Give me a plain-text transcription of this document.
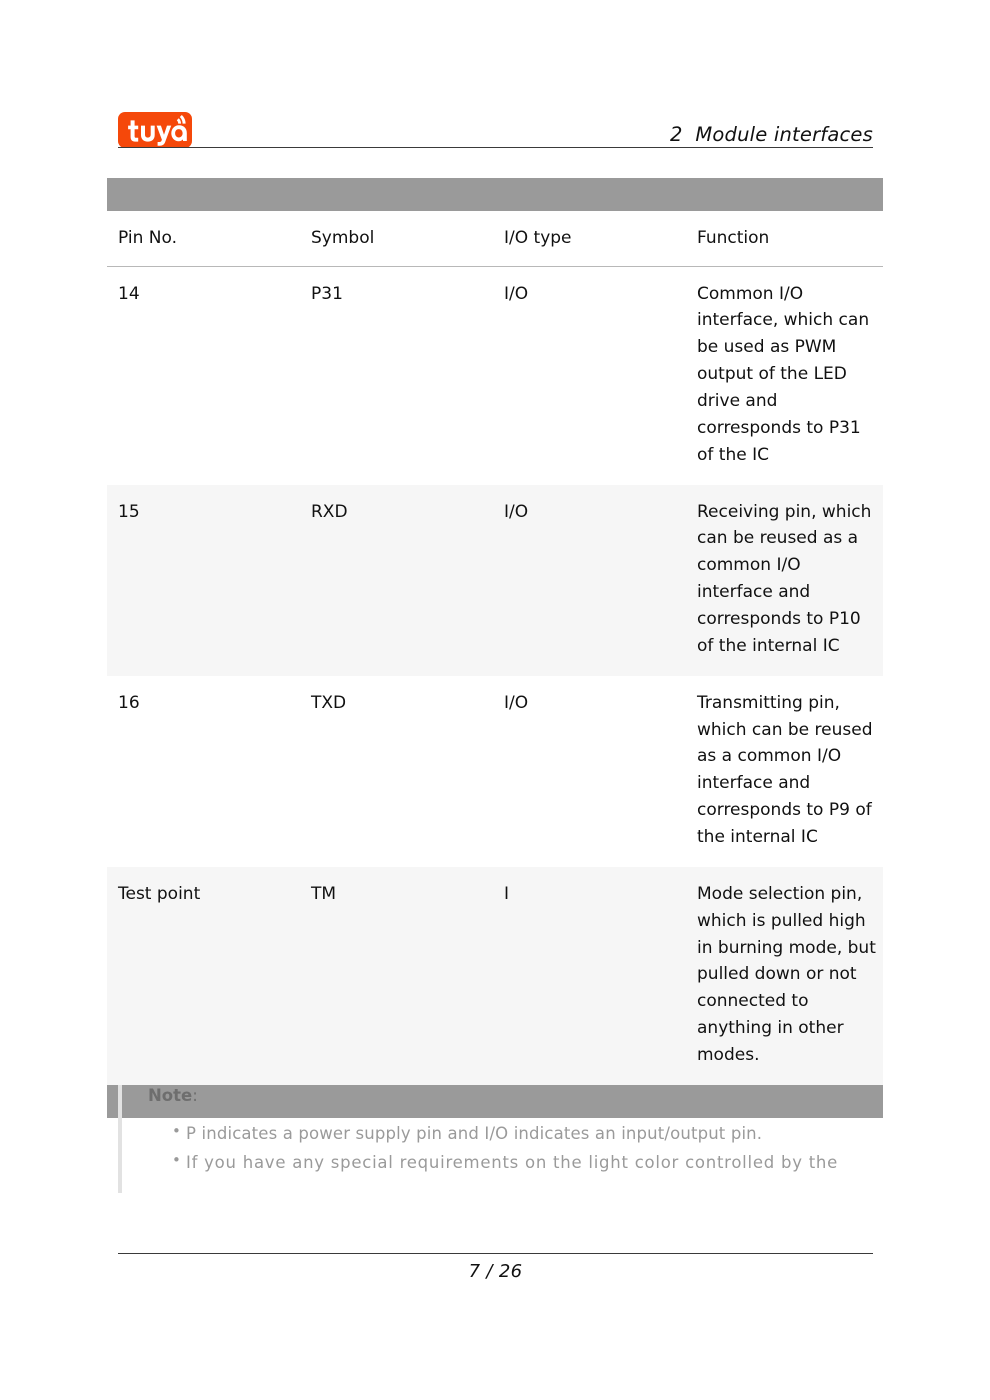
2  Module interfaces

Pin No.	Symbol	I/O type	Function
14	P31	I/O	Common I/O interface, which can be used as PWM output of the LED drive and corresponds to P31 of the IC
15	RXD	I/O	Receiving pin, which can be reused as a common I/O interface and corresponds to P10 of the internal IC
16	TXD	I/O	Transmitting pin, which can be reused as a common I/O interface and corresponds to P9 of the internal IC
Test point	TM	I	Mode selection pin, which is pulled high in burning mode, but pulled down or not connected to anything in other modes.

Note:
• P indicates a power supply pin and I/O indicates an input/output pin.
• If you have any special requirements on the light color controlled by the
7 / 26
